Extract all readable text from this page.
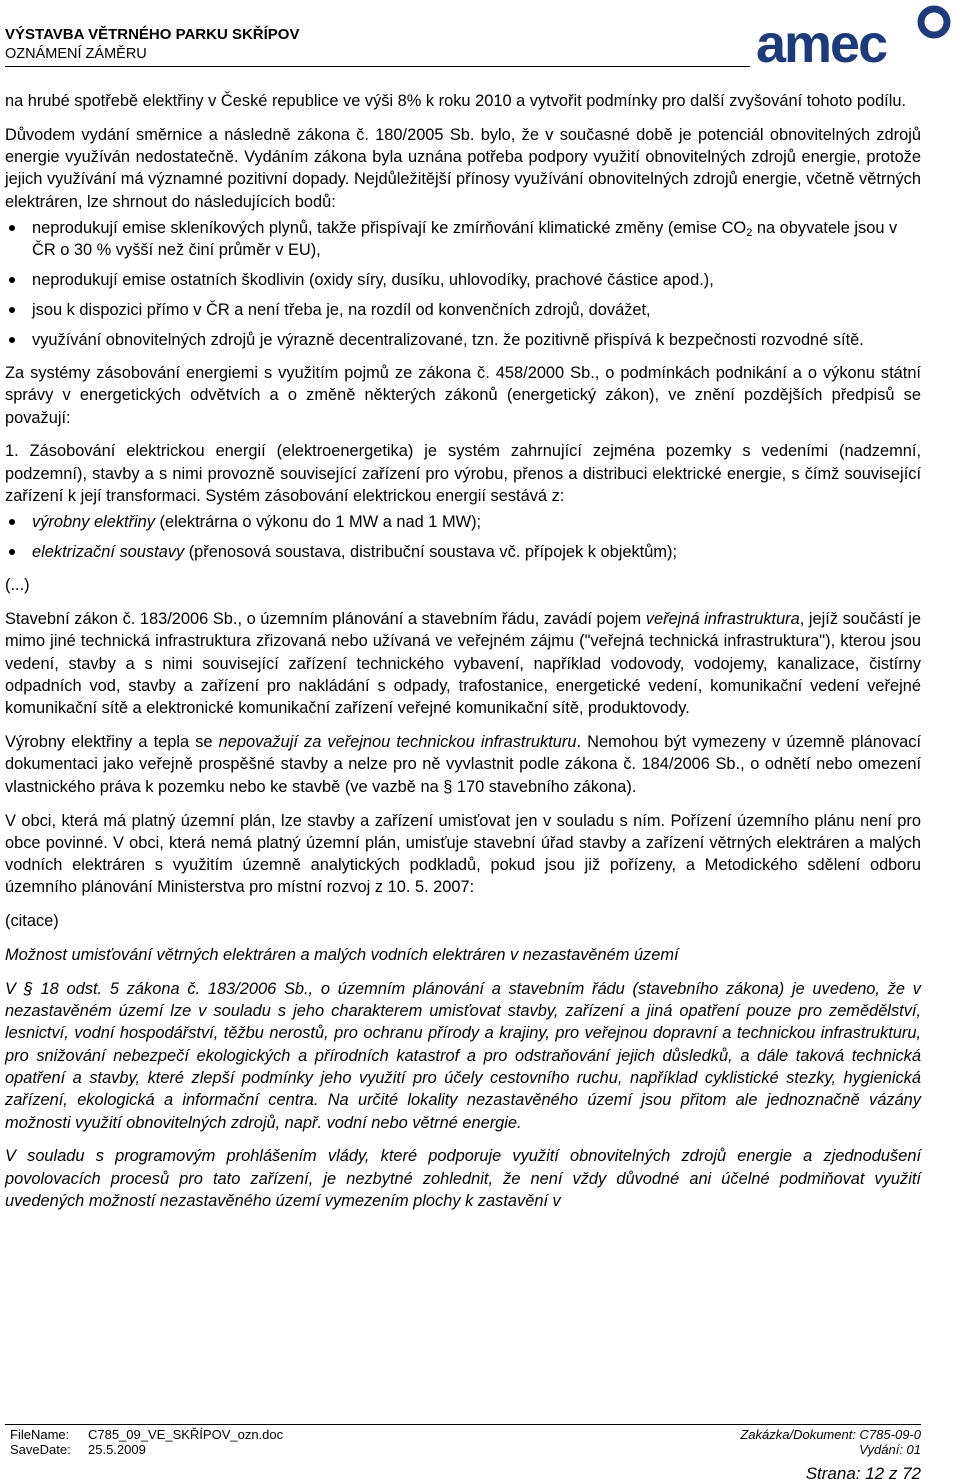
VÝSTAVBA VĚTRNÉHO PARKU SKŘÍPOV
OZNÁMENÍ ZÁMĚRU	amec

na hrubé spotřebě elektřiny v České republice ve výši 8% k roku 2010 a vytvořit podmínky pro další zvyšování tohoto podílu.

Důvodem vydání směrnice a následně zákona č. 180/2005 Sb. bylo, že v současné době je potenciál obnovitelných zdrojů energie využíván nedostatečně. Vydáním zákona byla uznána potřeba podpory využití obnovitelných zdrojů energie, protože jejich využívání má významné pozitivní dopady. Nejdůležitější přínosy využívání obnovitelných zdrojů energie, včetně větrných elektráren, lze shrnout do následujících bodů:

neprodukují emise skleníkových plynů, takže přispívají ke zmírňování klimatické změny (emise $CO_2$ na obyvatele jsou v ČR o 30 % vyšší než činí průměr v EU),
neprodukují emise ostatních škodlivin (oxidy síry, dusíku, uhlovodíky, prachové částice apod.),
jsou k dispozici přímo v ČR a není třeba je, na rozdíl od konvenčních zdrojů, dovážet,
využívání obnovitelných zdrojů je výrazně decentralizované, tzn. že pozitivně přispívá k bezpečnosti rozvodné sítě.

Za systémy zásobování energiemi s využitím pojmů ze zákona č. 458/2000 Sb., o podmínkách podnikání a o výkonu státní správy v energetických odvětvích a o změně některých zákonů (energetický zákon), ve znění pozdějších předpisů se považují:

1. Zásobování elektrickou energií (elektroenergetika) je systém zahrnující zejména pozemky s vedeními (nadzemní, podzemní), stavby a s nimi provozně související zařízení pro výrobu, přenos a distribuci elektrické energie, s čímž související zařízení k její transformaci. Systém zásobování elektrickou energií sestává z:

výrobny elektřiny (elektrárna o výkonu do 1 MW a nad 1 MW);
elektrizační soustavy (přenosová soustava, distribuční soustava vč. přípojek k objektům);

(...)

Stavební zákon č. 183/2006 Sb., o územním plánování a stavebním řádu, zavádí pojem veřejná infrastruktura, jejíž součástí je mimo jiné technická infrastruktura zřizovaná nebo užívaná ve veřejném zájmu ("veřejná technická infrastruktura"), kterou jsou vedení, stavby a s nimi související zařízení technického vybavení, například vodovody, vodojemy, kanalizace, čistírny odpadních vod, stavby a zařízení pro nakládání s odpady, trafostanice, energetické vedení, komunikační vedení veřejné komunikační sítě a elektronické komunikační zařízení veřejné komunikační sítě, produktovody.

Výrobny elektřiny a tepla se nepovažují za veřejnou technickou infrastrukturu. Nemohou být vymezeny v územně plánovací dokumentaci jako veřejně prospěšné stavby a nelze pro ně vyvlastnit podle zákona č. 184/2006 Sb., o odnětí nebo omezení vlastnického práva k pozemku nebo ke stavbě (ve vazbě na § 170 stavebního zákona).

V obci, která má platný územní plán, lze stavby a zařízení umisťovat jen v souladu s ním. Pořízení územního plánu není pro obce povinné. V obci, která nemá platný územní plán, umisťuje stavební úřad stavby a zařízení větrných elektráren a malých vodních elektráren s využitím územně analytických podkladů, pokud jsou již pořízeny, a Metodického sdělení odboru územního plánování Ministerstva pro místní rozvoj z 10. 5. 2007:

(citace)

Možnost umisťování větrných elektráren a malých vodních elektráren v nezastavěném území

V § 18 odst. 5 zákona č. 183/2006 Sb., o územním plánování a stavebním řádu (stavebního zákona) je uvedeno, že v nezastavěném území lze v souladu s jeho charakterem umisťovat stavby, zařízení a jiná opatření pouze pro zemědělství, lesnictví, vodní hospodářství, těžbu nerostů, pro ochranu přírody a krajiny, pro veřejnou dopravní a technickou infrastrukturu, pro snižování nebezpečí ekologických a přírodních katastrof a pro odstraňování jejich důsledků, a dále taková technická opatření a stavby, které zlepší podmínky jeho využití pro účely cestovního ruchu, například cyklistické stezky, hygienická zařízení, ekologická a informační centra. Na určité lokality nezastavěného území jsou přitom ale jednoznačně vázány možnosti využití obnovitelných zdrojů, např. vodní nebo větrné energie.

V souladu s programovým prohlášením vlády, které podporuje využití obnovitelných zdrojů energie a zjednodušení povolovacích procesů pro tato zařízení, je nezbytné zohlednit, že není vždy důvodné ani účelné podmiňovat využití uvedených možností nezastavěného území vymezením plochy k zastavění v

FileName: C785_09_VE_SKŘÍPOV_ozn.doc
SaveDate: 25.5.2009
Zakázka/Dokument: C785-09-0
Vydání: 01
Strana: 12 z 72
